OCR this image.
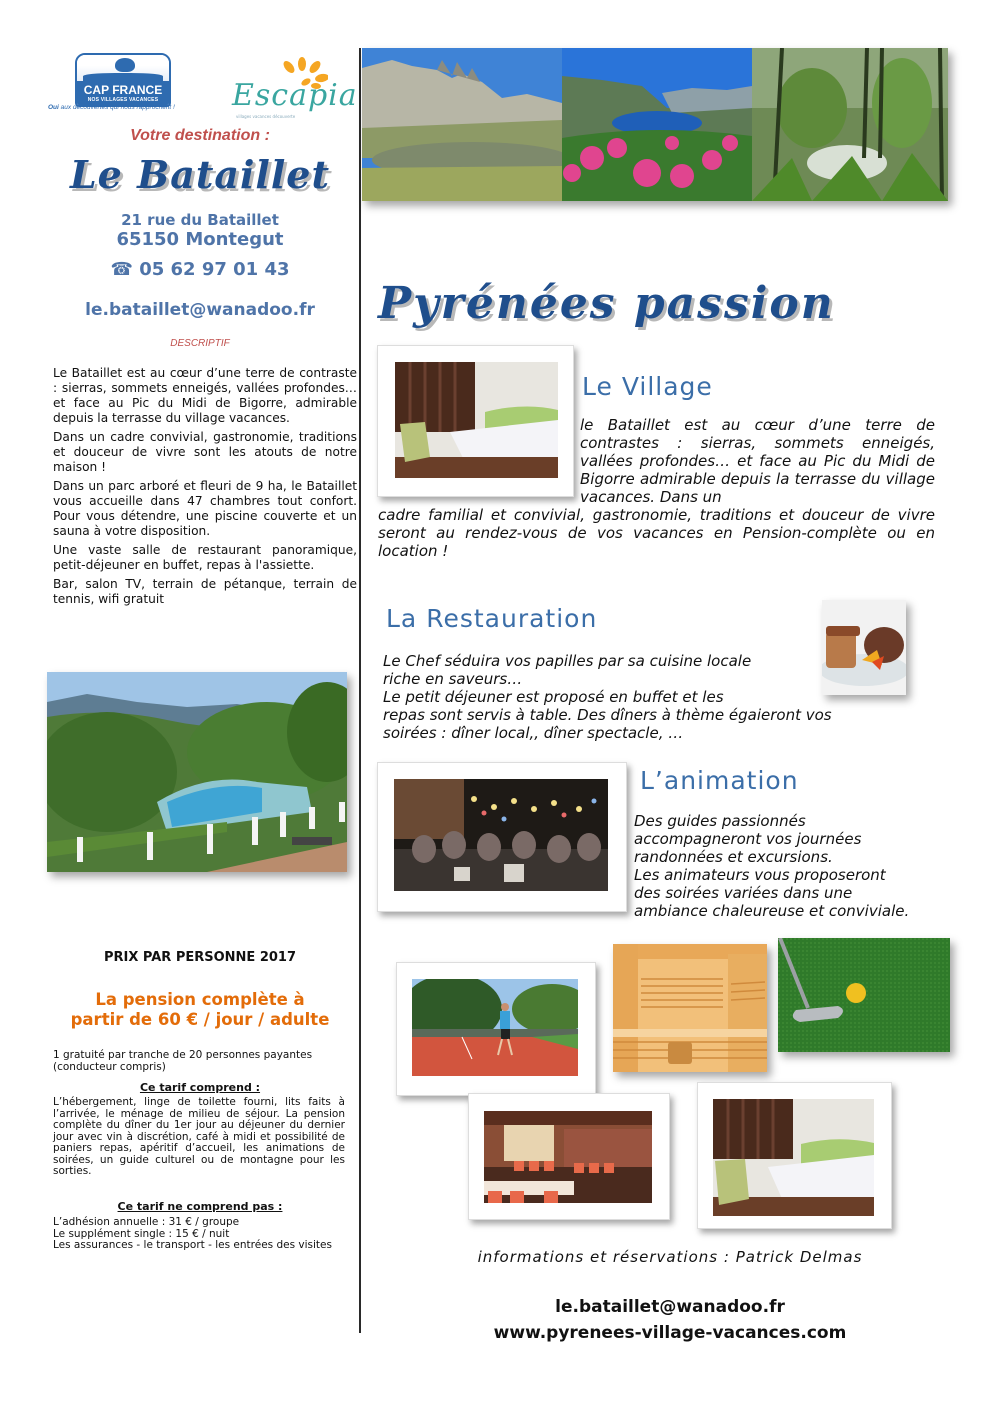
CAP FRANCE
NOS VILLAGES VACANCES
Oui aux découvertes qui nous rapprochent !	Escapia
villages vacances découverte
Votre destination :
Le Bataillet
21 rue du Bataillet
65150 Montegut
☎ 05 62 97 01 43
le.bataillet@wanadoo.fr
DESCRIPTIF

Le Bataillet est au cœur d’une terre de contraste : sierras, sommets enneigés, vallées profondes… et face au Pic du Midi de Bigorre, admirable depuis la terrasse du village vacances.

Dans un cadre convivial, gastronomie, traditions et douceur de vivre sont les atouts de notre maison !

Dans un parc arboré et fleuri de 9 ha, le Bataillet vous accueille dans 47 chambres tout confort. Pour vous détendre, une piscine couverte et un sauna à votre disposition.

Une vaste salle de restaurant panoramique, petit-déjeuner en buffet, repas à l'assiette.

Bar, salon TV, terrain de pétanque, terrain de tennis, wifi gratuit

PRIX PAR PERSONNE 2017
La pension complète à
partir de 60 € / jour / adulte
1 gratuité par tranche de 20 personnes payantes (conducteur compris)
Ce tarif comprend :
L’hébergement, linge de toilette fourni, lits faits à l’arrivée, le ménage de milieu de séjour. La pension complète du dîner du 1er jour au déjeuner du dernier jour avec vin à discrétion, café à midi et possibilité de paniers repas, apéritif d’accueil, les animations de soirées, un guide culturel ou de montagne pour les sorties.
Ce tarif ne comprend pas :
L’adhésion annuelle : 31 € / groupe
Le supplément single : 15 € / nuit
Les assurances - le transport - les entrées des visites
Pyrénées passion
Le Village
le Bataillet est au cœur d’une terre de contrastes : sierras, sommets enneigés, vallées profondes… et face au Pic du Midi de Bigorre admirable depuis la terrasse du village vacances. Dans un
cadre familial et convivial, gastronomie, traditions et douceur de vivre seront au rendez-vous de vos vacances en Pension-complète ou en location !
La Restauration
Le Chef séduira vos papilles par sa cuisine locale
riche en saveurs…
Le petit déjeuner est proposé en buffet et les
repas sont servis à table. Des dîners à thème égaieront vos
soirées : dîner local,, dîner spectacle, …
L’animation
Des guides passionnés
accompagneront vos journées
randonnées et excursions.
Les animateurs vous proposeront
des soirées variées dans une
ambiance chaleureuse et conviviale.
informations et réservations : Patrick Delmas
le.bataillet@wanadoo.fr
www.pyrenees-village-vacances.com
